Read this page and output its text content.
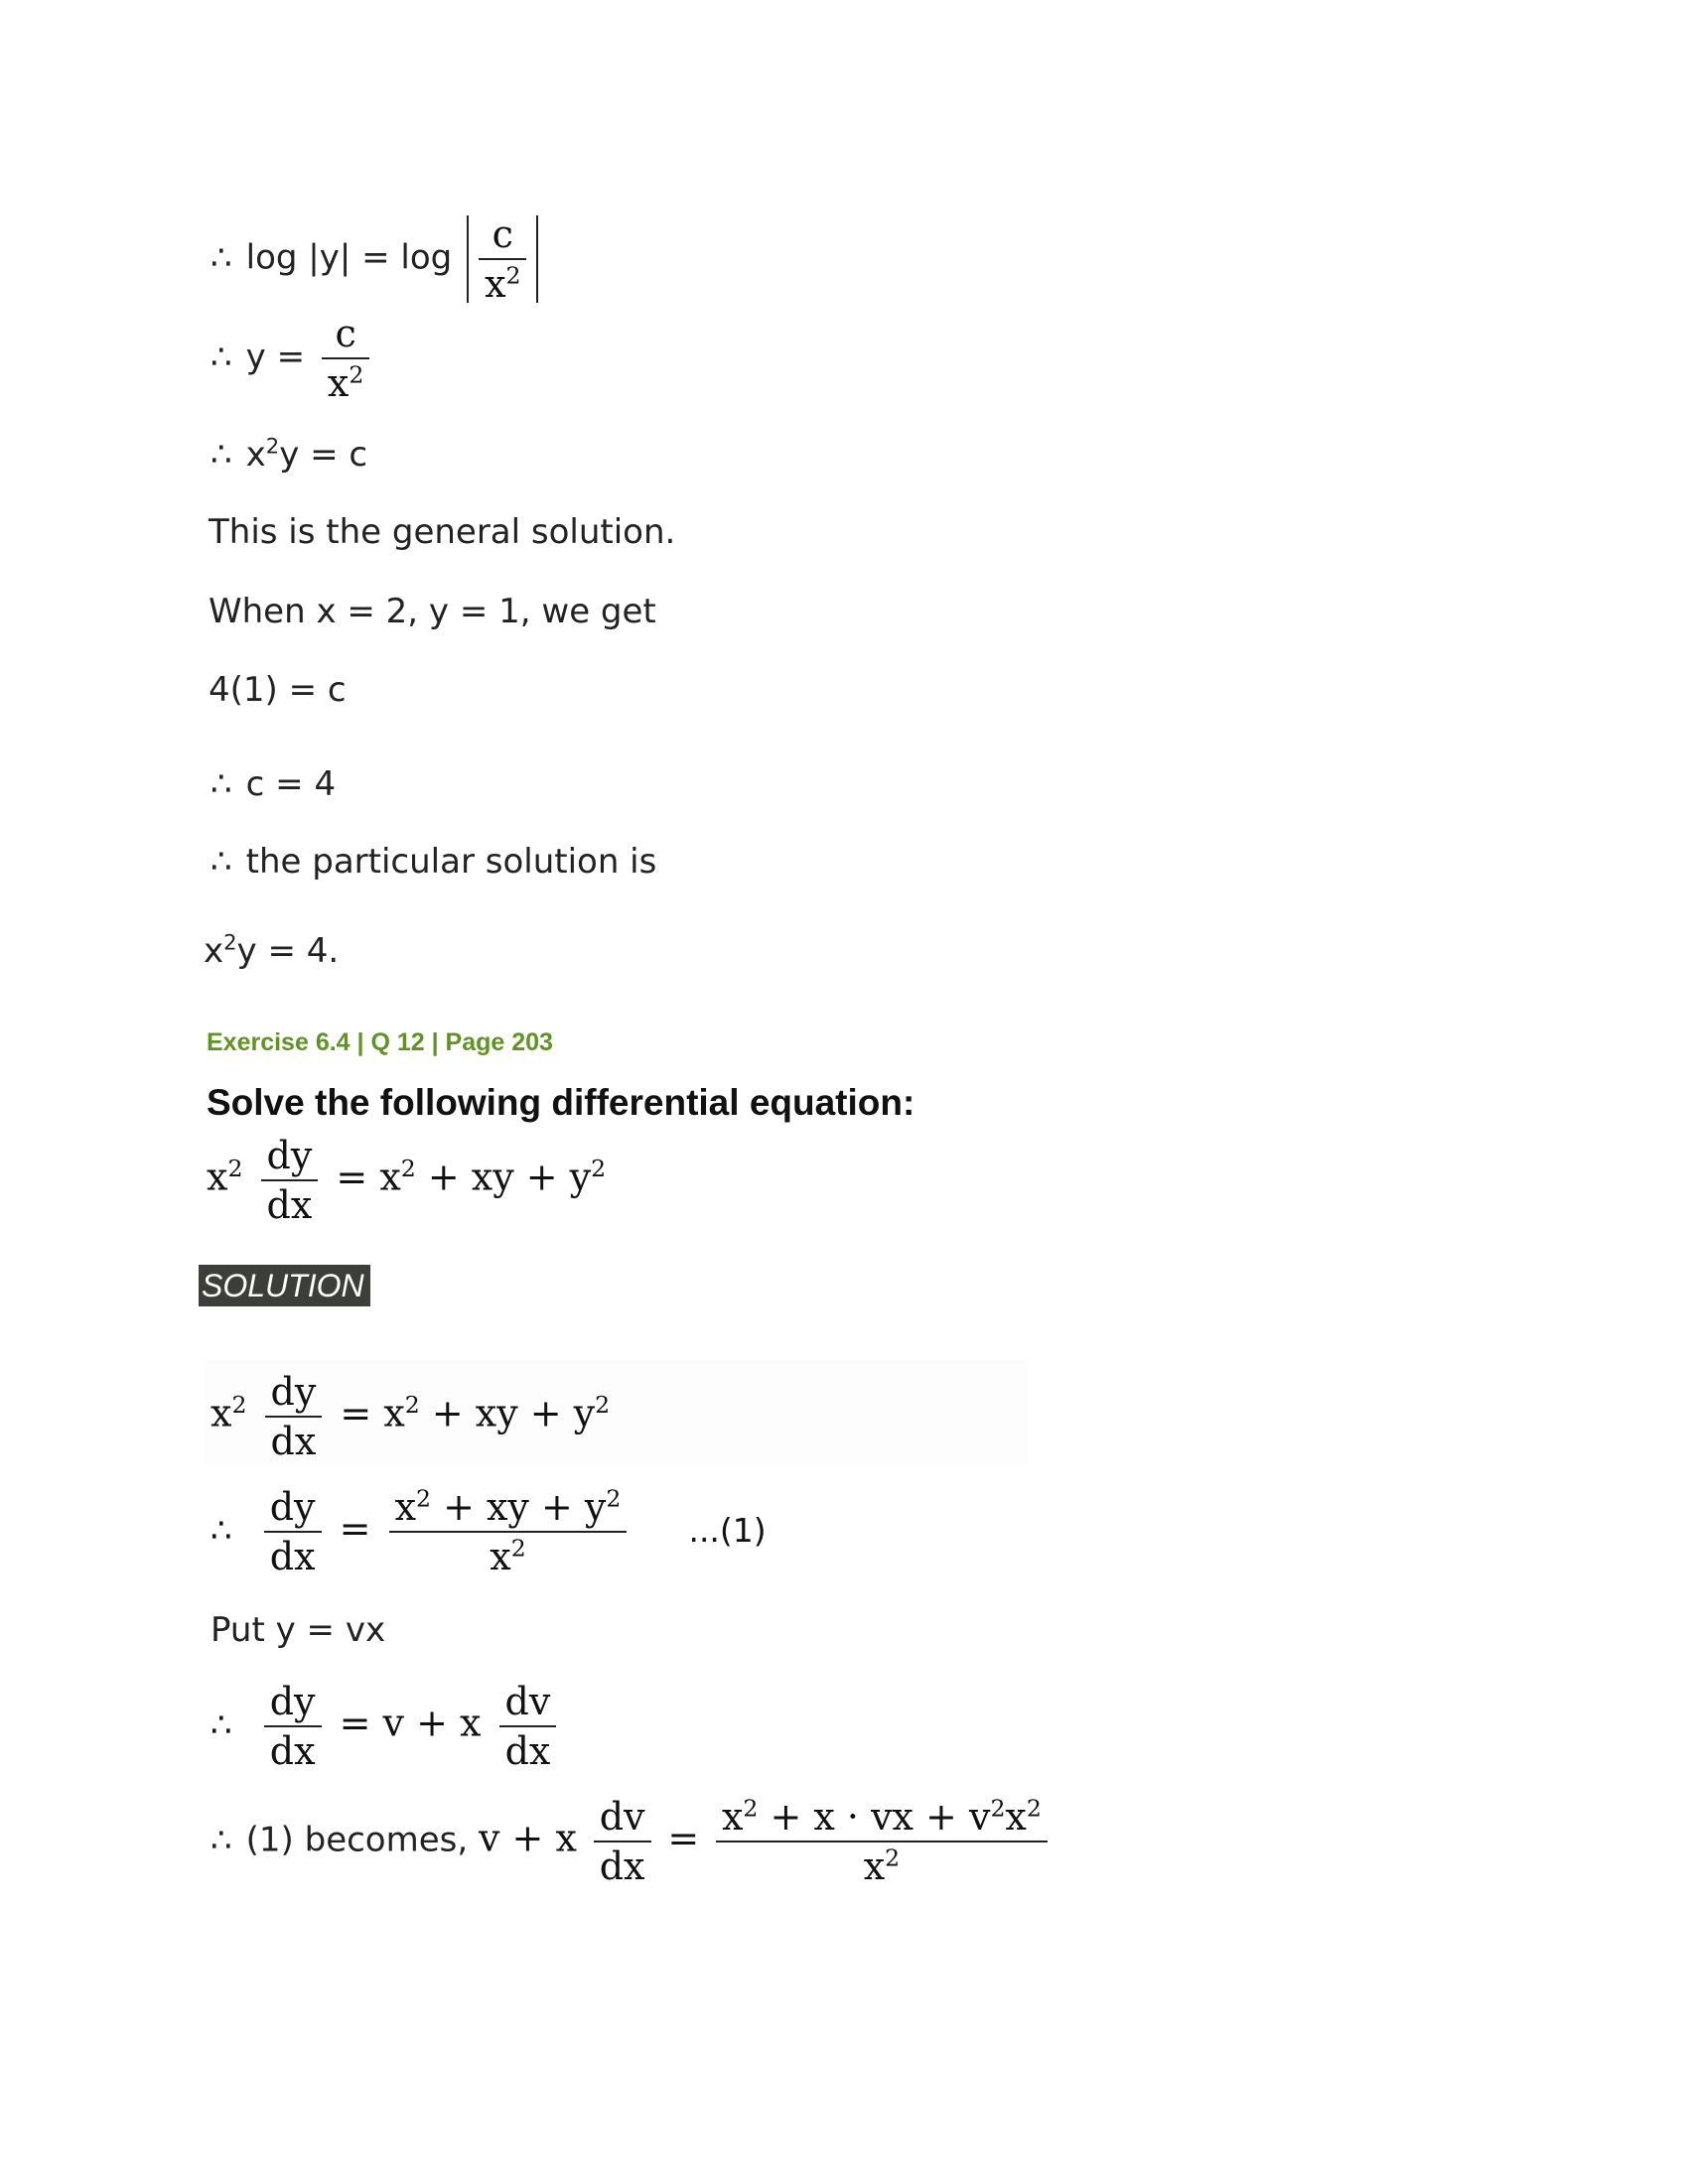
∴ $\log |y| = \log \frac{c}{x^2}$
∴ $y = \frac{c}{x^2}$
∴ $x^2y = c$
This is the general solution.
When x = 2, y = 1, we get
4(1) = c
∴ c = 4
∴ the particular solution is
$x^2y = 4$.
Exercise 6.4 | Q 12 | Page 203
Solve the following differential equation:
$x^2 \frac{dy}{dx} = x^2$ + xy + $y^2$
SOLUTION
$x^2 \frac{dy}{dx} = x^2$ + xy + $y^2$
∴ $\frac{dy}{dx} = \frac{x^2 + xy + y^2}{x^2} ...(1)$
Put y = vx
∴ $\frac{dy}{dx} = v + x \frac{dv}{dx}$
∴ (1) becomes, v + x $\frac{dv}{dx} = \frac{x^2 + x \cdot vx + v^2x^2}{x^2}$
